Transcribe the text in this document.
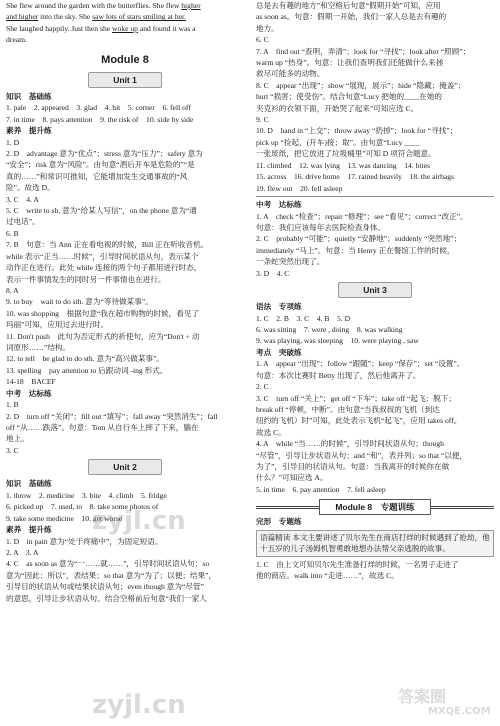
She flew around the garden with the butterflies. She flew higher
and higher into the sky. She saw lots of stars smiling at her.
She laughed happily. Just then she woke up and found it was a
dream.
Module 8
Unit 1
知识　基础练
1. pale　2. appeared　3. glad　4. hit　5. corner　6. fell off
7. in time　8. pays attention　9. the risk of　10. side by side
素养　提升练
1. D
2. D　advantage 意为“优点”；stress 意为“压力”；safety 意为
“安全”；risk 意为“风险”。由句意“酒后开车是危险的”“是
真的……”和常识可推知，它能增加发生交通事故的“风
险”。故选 D。
3. C　4. A
5. C　write to sb. 意为“给某人写信”，on the phone 意为“通
过电话”。
6. B
7. B　句意：当 Ann 正在看电视的时候，Bill 正在听收音机。
while 表示“正当……时候”，引导时间状语从句，表示某个
动作正在进行。此处 while 连接的两个句子都用进行时态，
表示一件事情发生的同时另一件事情也在进行。
8. A
9. to buy　wait to do sth. 意为“等待做某事”。
10. was shopping　根据句意“我在超市购物的时候，看见了
玛丽”可知，应用过去进行时。
11. Don't push　此句为否定形式的祈使句，应为“Don't + 动
词原形……”结构。
12. to tell　be glad to do sth. 意为“高兴做某事”。
13. spelling　pay attention to 后跟动词 -ing 形式。
14-18　BACEF
中考　达标练
1. B
2. D　turn off “关闭”；fill out “填写”；fall away “突然消失”；fall
off “从……跌落”。句意：Tom 从自行车上摔了下来，躺在
地上。
3. C
Unit 2
知识　基础练
1. throw　2. medicine　3. bite　4. climb　5. fridge
6. picked up　7. used, to　8. take some photos of
9. take some medicine　10. get worse
素养　提升练
1. D　in pain 意为“处于疼痛中”，为固定短语。
2. A　3. A
4. C　as soon as 意为“一……就……”，引导时间状语从句；so
意为“因此；所以”，表结果；so that 意为“为了；以便；结果”，
引导目的状语从句或结果状语从句；even though 意为“尽管”
的意思，引导让步状语从句。结合空格前后句意“我们一家人
总是去有趣的地方”和空格后句意“假期开始”可知，应用
as soon as。句意：假期一开始，我们一家人总是去有趣的
地方。
6. C
7. A　find out “查明，弄清”；look for “寻找”；look after “照顾”；
warm up “热身”。句意：让我们查明我们还能做什么来拯
救尽可能多的动物。
8. C　appear “出现”；show “展现，展示”；hide “隐藏；掩盖”；
hurt “损害；使受伤”。结合句意“Lucy 把她的____在她的
夹克衫的衣领下面，开始哭了起来”可知应选 C。
9. C
10. D　hand in “上交”；throw away “扔掉”；look for “寻找”；
pick up “捡起，(开车)接；取”。由句意“Lucy ____
一张废纸，把它放进了垃圾桶里”可知 D 项符合题意。
11. climbed　12. was lying　13. was dancing　14. bites
15. across　16. drive home　17. rained heavily　18. the airbags
19. flew out　20. fell asleep
中考　达标练
1. A　check “检查”；repair “修理”；see “看见”；correct “改正”。
句意：我们应该每年去医院检查身体。
2. C　probably “可能”；quietly “安静地”；suddenly “突然地”；
immediately “马上”。句意：当 Henry 正在餐馆工作的时候，
一条蛇突然出现了。
3. D　4. C
Unit 3
语法　专项练
1. C　2. B　3. C　4. B　5. D
6. was sitting　7. were , doing　8. was walking
9. was playing, was sleeping　10. were playing , saw
考点　突破练
1. A　appear “出现”；follow “跟随”；keep “保存”；set “设置”。
句意：本次比赛时 Betty 出现了，然后他离开了。
2. C
3. C　turn off “关上”；get off “下车”；take off “起飞；脱下；
break off “停顿，中断”。由句意“当我叔叔的飞机（到达
纽约的飞机）时”可知，此处表示飞机“起飞”，应用 takes off。
故选 C。
4. A　while “当……的时候”，引导时间状语从句；though
“尽管”，引导让步状语从句；and “和”，表并列；so that “以便，
为了”，引导目的状语从句。句意：当我离开的时候你在做
什么？”可知应选 A。
5. in time　6. pay attention　7. fell asleep
Module 8　专题训练
完形　专题练
语篇精读 本文主要讲述了贝尔先生在商店打烊的时候遇到了抢劫，他十五岁的儿子汤姆机智勇敢地想办法帮父亲逃脱的故事。
1. C　由上文可知贝尔先生准备打烊的时候，一名男子走进了
他的商店。walk into “走进……”，故选 C。
zyjl.cn
zyjl.cn	答案圈
MXQE.COM
